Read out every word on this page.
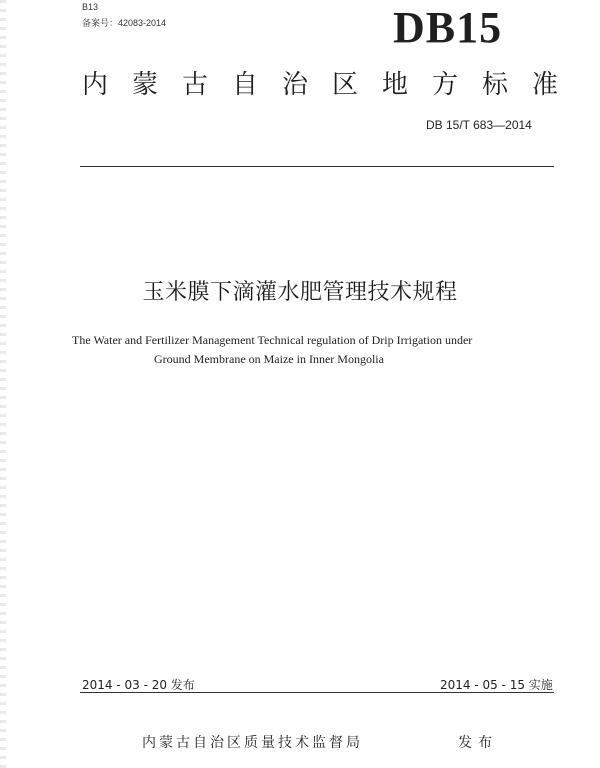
B13
备案号：42083-2014	DB15
内蒙古自治区地方标准
DB 15/T 683—2014
玉米膜下滴灌水肥管理技术规程
The Water and Fertilizer Management Technical regulation of Drip Irrigation under
Ground Membrane on Maize in Inner Mongolia
2014 - 03 - 20 发布	2014 - 05 - 15 实施
内蒙古自治区质量技术监督局	发布
